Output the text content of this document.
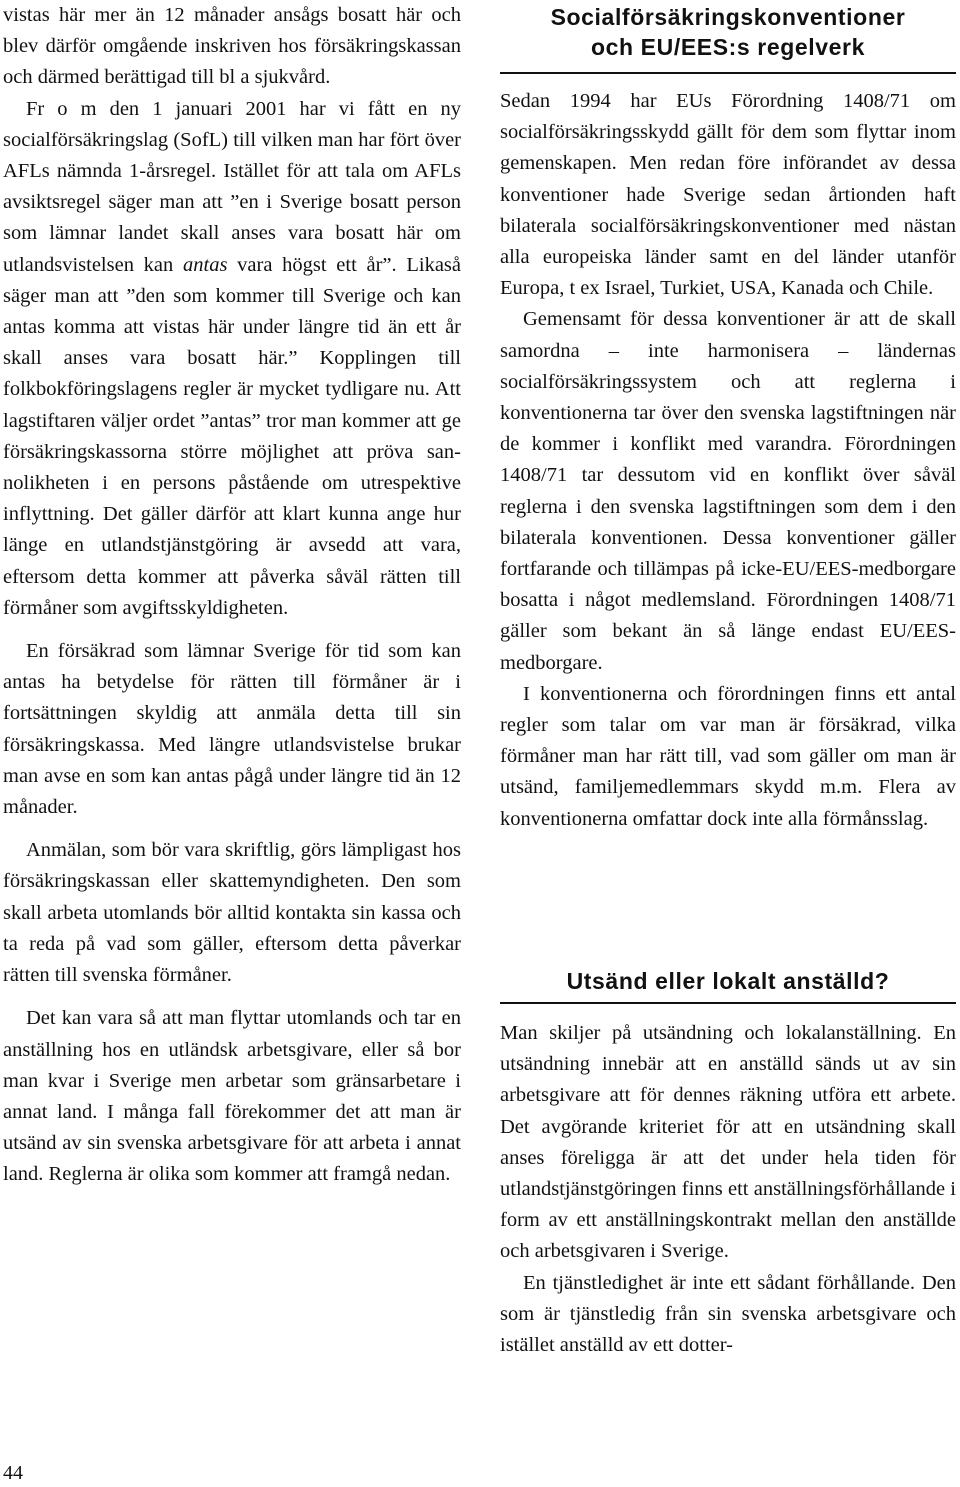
vistas här mer än 12 månader ansågs bosatt här och blev därför omgående inskriven hos försäkringskassan och därmed berättigad till bl a sjukvård.

Fr o m den 1 januari 2001 har vi fått en ny socialförsäkringslag (SofL) till vilken man har fört över AFLs nämnda 1-årsregel. Istället för att tala om AFLs avsiktsregel säger man att ”en i Sverige bosatt person som lämnar landet skall anses vara bosatt här om utlandsvistelsen kan antas vara högst ett år”. Likaså säger man att ”den som kommer till Sverige och kan antas komma att vistas här under längre tid än ett år skall anses vara bosatt här.” Kopplingen till folkbokföringslagens regler är mycket tydligare nu. Att lagstiftaren väljer ordet ”antas” tror man kommer att ge försäkringskassorna större möjlighet att pröva sannolikheten i en persons påstående om utrespektive inflyttning. Det gäller därför att klart kunna ange hur länge en utlandstjänstgöring är avsedd att vara, eftersom detta kommer att påverka såväl rätten till förmåner som avgiftsskyldigheten.

En försäkrad som lämnar Sverige för tid som kan antas ha betydelse för rätten till förmåner är i fortsättningen skyldig att anmäla detta till sin försäkringskassa. Med längre utlandsvistelse brukar man avse en som kan antas pågå under längre tid än 12 månader.

Anmälan, som bör vara skriftlig, görs lämpligast hos försäkringskassan eller skattemyndigheten. Den som skall arbeta utomlands bör alltid kontakta sin kassa och ta reda på vad som gäller, eftersom detta påverkar rätten till svenska förmåner.

Det kan vara så att man flyttar utomlands och tar en anställning hos en utländsk arbetsgivare, eller så bor man kvar i Sverige men arbetar som gränsarbetare i annat land. I många fall förekommer det att man är utsänd av sin svenska arbetsgivare för att arbeta i annat land. Reglerna är olika som kommer att framgå nedan.

Socialförsäkringskonventioner
och EU/EES:s regelverk

Sedan 1994 har EUs Förordning 1408/71 om socialförsäkringsskydd gällt för dem som flyttar inom gemenskapen. Men redan före införandet av dessa konventioner hade Sverige sedan årtionden haft bilaterala socialförsäkringskonventioner med nästan alla europeiska länder samt en del länder utanför Europa, t ex Israel, Turkiet, USA, Kanada och Chile.

Gemensamt för dessa konventioner är att de skall samordna – inte harmonisera – ländernas socialförsäkringssystem och att reglerna i konventionerna tar över den svenska lagstiftningen när de kommer i konflikt med varandra. Förordningen 1408/71 tar dessutom vid en konflikt över såväl reglerna i den svenska lagstiftningen som dem i den bilaterala konventionen. Dessa konventioner gäller fortfarande och tillämpas på icke-EU/EES-medborgare bosatta i något medlemsland. Förordningen 1408/71 gäller som bekant än så länge endast EU/EES-medborgare.

I konventionerna och förordningen finns ett antal regler som talar om var man är försäkrad, vilka förmåner man har rätt till, vad som gäller om man är utsänd, familjemedlemmars skydd m.m. Flera av konventionerna omfattar dock inte alla förmånsslag.

Utsänd eller lokalt anställd?

Man skiljer på utsändning och lokalanställning. En utsändning innebär att en anställd sänds ut av sin arbetsgivare att för dennes räkning utföra ett arbete. Det avgörande kriteriet för att en utsändning skall anses föreligga är att det under hela tiden för utlandstjänstgöringen finns ett anställningsförhållande i form av ett anställningskontrakt mellan den anställde och arbetsgivaren i Sverige.

En tjänstledighet är inte ett sådant förhållande. Den som är tjänstledig från sin svenska arbetsgivare och istället anställd av ett dotter-

44
